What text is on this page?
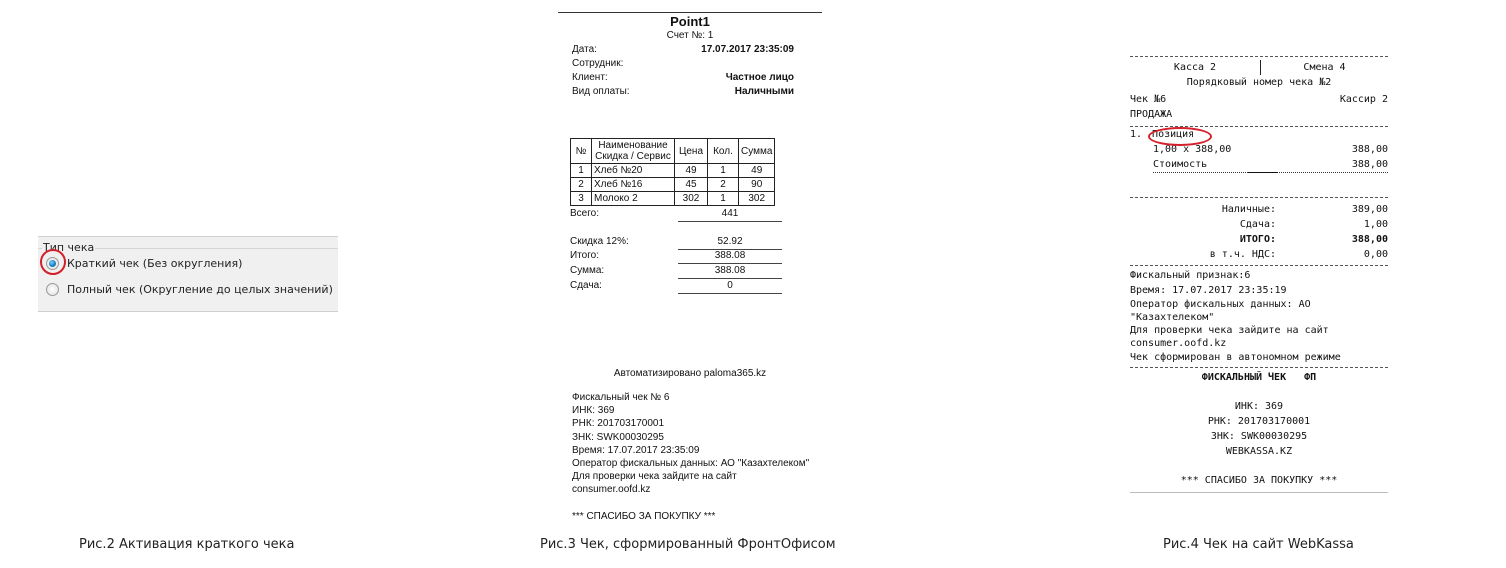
Тип чека
Краткий чек (Без округления)
Полный чек (Округление до целых значений)
Point1
Счет №: 1
Дата:	17.07.2017 23:35:09
Сотрудник:
Клиент:	Частное лицо
Вид оплаты:	Наличными
№	Наименование Скидка / Сервис	Цена	Кол.	Сумма
1	Хлеб №20	49	1	49
2	Хлеб №16	45	2	90
3	Молоко 2	302	1	302
Всего:	441
Скидка 12%:	52.92
Итого:	388.08
Сумма:	388.08
Сдача:	0
Автоматизировано paloma365.kz
Фискальный чек № 6
ИНК: 369
РНК: 201703170001
ЗНК: SWK00030295
Время: 17.07.2017 23:35:09
Оператор фискальных данных: АО "Казахтелеком"
Для проверки чека зайдите на сайт
consumer.oofd.kz
*** СПАСИБО ЗА ПОКУПКУ ***
Касса 2	Смена 4
Порядковый номер чека №2
Чек №6	Кассир 2
ПРОДАЖА
1. Позиция
1,00 x 388,00	388,00
Стоимость	388,00
Наличные:	389,00
Сдача:	1,00
ИТОГО:	388,00
в т.ч. НДС:	0,00
Фискальный признак:6
Время: 17.07.2017 23:35:19
Оператор фискальных данных: АО
"Казахтелеком"
Для проверки чека зайдите на сайт
consumer.oofd.kz
Чек сформирован в автономном режиме
ФИСКАЛЬНЫЙ ЧЕК   ФП
ИНК: 369
РНК: 201703170001
ЗНК: SWK00030295
WEBKASSA.KZ
*** СПАСИБО ЗА ПОКУПКУ ***
Рис.2 Активация краткого чека	Рис.3 Чек, сформированный ФронтОфисом	Рис.4 Чек на сайт WebKassa
